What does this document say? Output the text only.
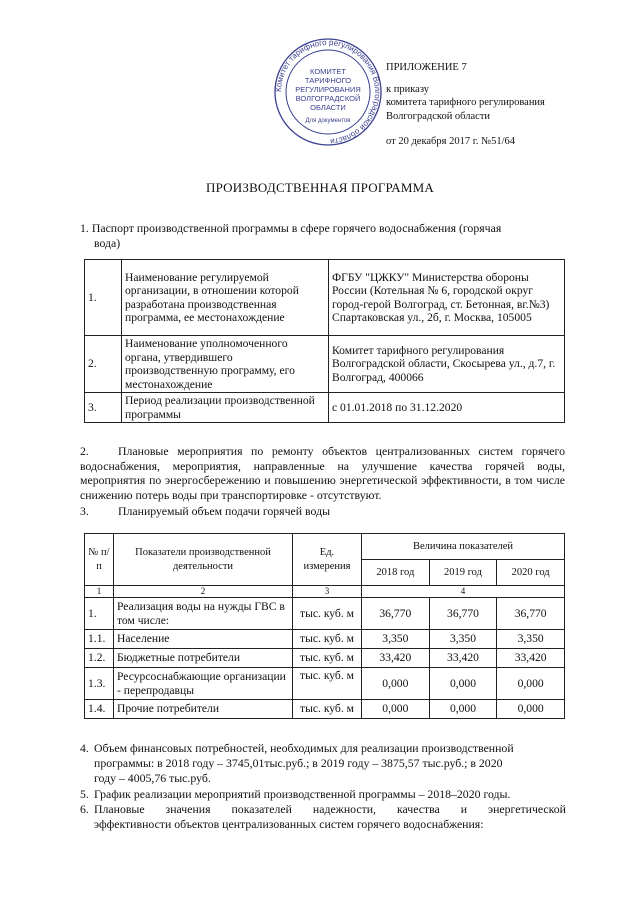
Комитет тарифного регулирования Волгоградской области
КОМИТЕТ
ТАРИФНОГО
РЕГУЛИРОВАНИЯ
ВОЛГОГРАДСКОЙ
ОБЛАСТИ
Для документов
ПРИЛОЖЕНИЕ 7
к приказу
комитета тарифного регулирования
Волгоградской области
от 20 декабря 2017 г. №51/64
ПРОИЗВОДСТВЕННАЯ ПРОГРАММА
1. Паспорт производственной программы в сфере горячего водоснабжения (горячая
вода)
1.	Наименование регулируемой организации, в отношении которой разработана производственная программа, ее местонахождение	ФГБУ "ЦЖКУ" Министерства обороны России (Котельная № 6, городской округ город-герой Волгоград, ст. Бетонная, вг.№3)
Спартаковская ул., 2б, г. Москва, 105005

2.	Наименование уполномоченного органа, утвердившего производственную программу, его местонахождение	Комитет тарифного регулирования Волгоградской области, Скосырева ул., д.7, г. Волгоград, 400066
3.	Период реализации производственной программы	с 01.01.2018 по 31.12.2020
2. Плановые мероприятия по ремонту объектов централизованных систем горячего водоснабжения, мероприятия, направленные на улучшение качества горячей воды, мероприятия по энергосбережению и повышению энергетической эффективности, в том числе снижению потерь воды при транспортировке - отсутствуют.
3. Планируемый объем подачи горячей воды
№ п/п	Показатели производственной деятельности	Ед. измерения	Величина показателей		
			2018 год	2019 год	2020 год
1	2	3	4		
1.	Реализация воды на нужды ГВС в том числе:	тыс. куб. м	36,770	36,770	36,770
1.1.	Население	тыс. куб. м	3,350	3,350	3,350
1.2.	Бюджетные потребители	тыс. куб. м	33,420	33,420	33,420
1.3.	Ресурсоснабжающие организации - перепродавцы	тыс. куб. м	0,000	0,000	0,000
1.4.	Прочие потребители	тыс. куб. м	0,000	0,000	0,000
4. Объем финансовых потребностей, необходимых для реализации производственной
программы: в 2018 году – 3745,01тыс.руб.; в 2019 году – 3875,57 тыс.руб.; в 2020
году – 4005,76 тыс.руб.
5. График реализации мероприятий производственной программы – 2018–2020 годы.
6. Плановые значения показателей надежности, качества и энергетической
эффективности объектов централизованных систем горячего водоснабжения:
